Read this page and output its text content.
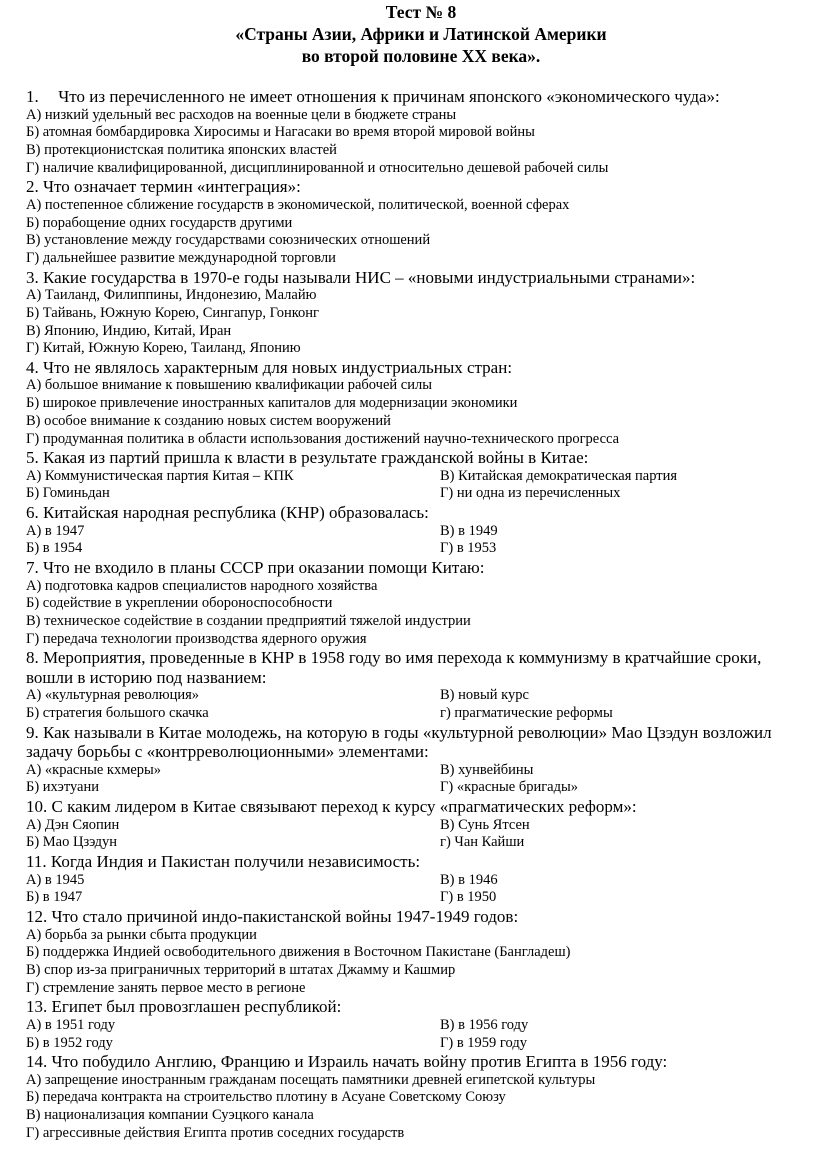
Тест № 8
«Страны Азии, Африки и Латинской Америки
во второй половине ХХ века».
1. Что из перечисленного не имеет отношения к причинам японского «экономического чуда»:
А) низкий удельный вес расходов на военные цели в бюджете страны
Б) атомная бомбардировка Хиросимы и Нагасаки во время второй мировой войны
В) протекционистская политика японских властей
Г) наличие квалифицированной, дисциплинированной и относительно дешевой рабочей силы
2. Что означает термин «интеграция»:
А) постепенное сближение государств в экономической, политической, военной сферах
Б) порабощение одних государств другими
В) установление между государствами союзнических отношений
Г) дальнейшее развитие международной торговли
3. Какие государства в 1970-е годы называли НИС – «новыми индустриальными странами»:
А) Таиланд, Филиппины, Индонезию, Малайю
Б) Тайвань, Южную Корею, Сингапур, Гонконг
В) Японию, Индию, Китай, Иран
Г) Китай, Южную Корею, Таиланд, Японию
4. Что не являлось характерным для новых индустриальных стран:
А) большое внимание к повышению квалификации рабочей силы
Б) широкое привлечение иностранных капиталов для модернизации экономики
В) особое внимание к созданию новых систем вооружений
Г) продуманная политика в области использования достижений научно-технического прогресса
5. Какая из партий пришла к власти в результате гражданской войны в Китае:
А) Коммунистическая партия Китая – КПК	В) Китайская демократическая партия
Б) Гоминьдан	Г) ни одна из перечисленных
6. Китайская народная республика (КНР) образовалась:
А) в 1947	В) в 1949
Б) в 1954	Г) в 1953
7. Что не входило в планы СССР при оказании помощи Китаю:
А) подготовка кадров специалистов народного хозяйства
Б) содействие в укреплении обороноспособности
В) техническое содействие в создании предприятий тяжелой индустрии
Г) передача технологии производства ядерного оружия
8. Мероприятия, проведенные в КНР в 1958 году во имя перехода к коммунизму в кратчайшие сроки, вошли в историю под названием:
А) «культурная революция»	В) новый курс
Б) стратегия большого скачка	г) прагматические реформы
9. Как называли в Китае молодежь, на которую в годы «культурной революции» Мао Цзэдун возложил задачу борьбы с «контрреволюционными» элементами:
А) «красные кхмеры»	В) хунвейбины
Б) ихэтуани	Г) «красные бригады»
10. С каким лидером в Китае связывают переход к курсу «прагматических реформ»:
А) Дэн Сяопин	В) Сунь Ятсен
Б) Мао Цзэдун	г) Чан Кайши
11. Когда Индия и Пакистан получили независимость:
А) в 1945	В) в 1946
Б) в 1947	Г) в 1950
12. Что стало причиной индо-пакистанской войны 1947-1949 годов:
А) борьба за рынки сбыта продукции
Б) поддержка Индией освободительного движения в Восточном Пакистане (Бангладеш)
В) спор из-за приграничных территорий в штатах Джамму и Кашмир
Г) стремление занять первое место в регионе
13. Египет был провозглашен республикой:
А) в 1951 году	В) в 1956 году
Б) в 1952 году	Г) в 1959 году
14. Что побудило Англию, Францию и Израиль начать войну против Египта в 1956 году:
А) запрещение иностранным гражданам посещать памятники древней египетской культуры
Б) передача контракта на строительство плотину в Асуане Советскому Союзу
В) национализация компании Суэцкого канала
Г) агрессивные действия Египта против соседних государств
